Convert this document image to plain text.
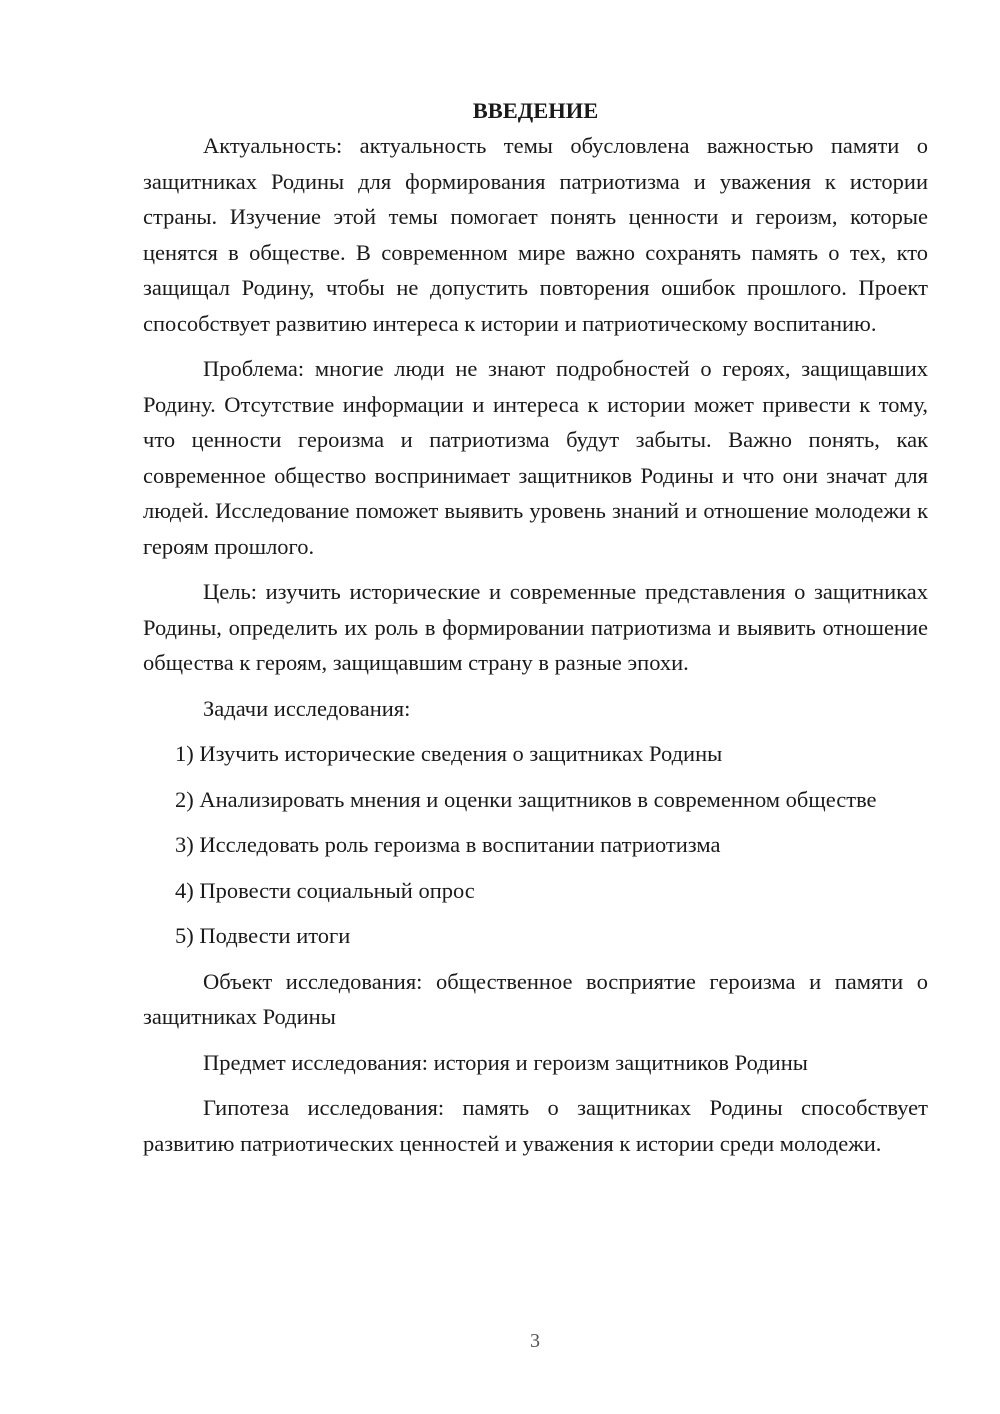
ВВЕДЕНИЕ

Актуальность: актуальность темы обусловлена важностью памяти о защитниках Родины для формирования патриотизма и уважения к истории страны. Изучение этой темы помогает понять ценности и героизм, которые ценятся в обществе. В современном мире важно сохранять память о тех, кто защищал Родину, чтобы не допустить повторения ошибок прошлого. Проект способствует развитию интереса к истории и патриотическому воспитанию.

Проблема: многие люди не знают подробностей о героях, защищавших Родину. Отсутствие информации и интереса к истории может привести к тому, что ценности героизма и патриотизма будут забыты. Важно понять, как современное общество воспринимает защитников Родины и что они значат для людей. Исследование поможет выявить уровень знаний и отношение молодежи к героям прошлого.

Цель: изучить исторические и современные представления о защитниках Родины, определить их роль в формировании патриотизма и выявить отношение общества к героям, защищавшим страну в разные эпохи.

Задачи исследования:

1) Изучить исторические сведения о защитниках Родины

2) Анализировать мнения и оценки защитников в современном обществе

3) Исследовать роль героизма в воспитании патриотизма

4) Провести социальный опрос

5) Подвести итоги

Объект исследования: общественное восприятие героизма и памяти о защитниках Родины

Предмет исследования: история и героизм защитников Родины

Гипотеза исследования: память о защитниках Родины способствует развитию патриотических ценностей и уважения к истории среди молодежи.

3
